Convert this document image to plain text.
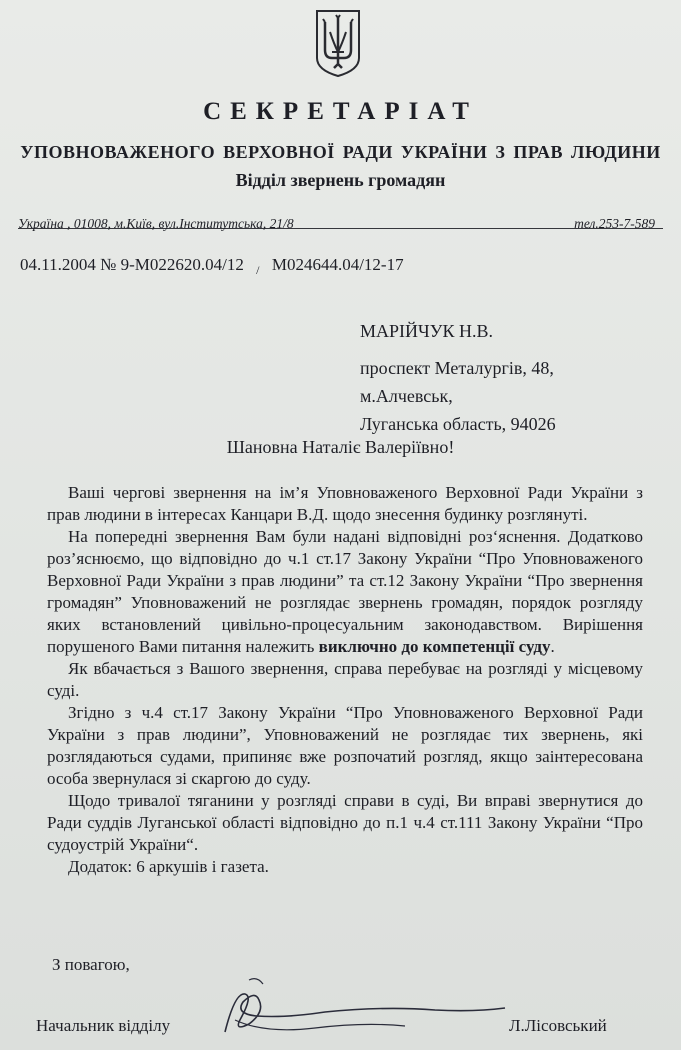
СЕКРЕТАРІАТ
УПОВНОВАЖЕНОГО ВЕРХОВНОЇ РАДИ УКРАЇНИ З ПРАВ ЛЮДИНИ
Відділ звернень громадян
Україна , 01008, м.Київ, вул.Інститутська, 21/8	тел.253-7-589
04.11.2004 № 9-М022620.04/12 / М024644.04/12-17
МАРІЙЧУК Н.В.
проспект Металургів, 48,
м.Алчевськ,
Луганська область, 94026
Шановна Наталіє Валеріївно!

Ваші чергові звернення на ім’я Уповноваженого Верховної Ради України з прав людини в інтересах Канцари В.Д. щодо знесення будинку розглянуті.

На попередні звернення Вам були надані відповідні роз‘яснення. Додатково роз’яснюємо, що відповідно до ч.1 ст.17 Закону України “Про Уповноваженого Верховної Ради України з прав людини” та ст.12 Закону України “Про звернення громадян” Уповноважений не розглядає звернень громадян, порядок розгляду яких встановлений цивільно-процесуальним законодавством. Вирішення порушеного Вами питання належить виключно до компетенції суду.

Як вбачається з Вашого звернення, справа перебуває на розгляді у місцевому суді.

Згідно з ч.4 ст.17 Закону України “Про Уповноваженого Верховної Ради України з прав людини”, Уповноважений не розглядає тих звернень, які розглядаються судами, припиняє вже розпочатий розгляд, якщо заінтересована особа звернулася зі скаргою до суду.

Щодо тривалої тяганини у розгляді справи в суді, Ви вправі звернутися до Ради суддів Луганської області відповідно до п.1 ч.4 ст.111 Закону України “Про судоустрій України“.

Додаток: 6 аркушів і газета.

З повагою,
Начальник відділу	Л.Лісовський
